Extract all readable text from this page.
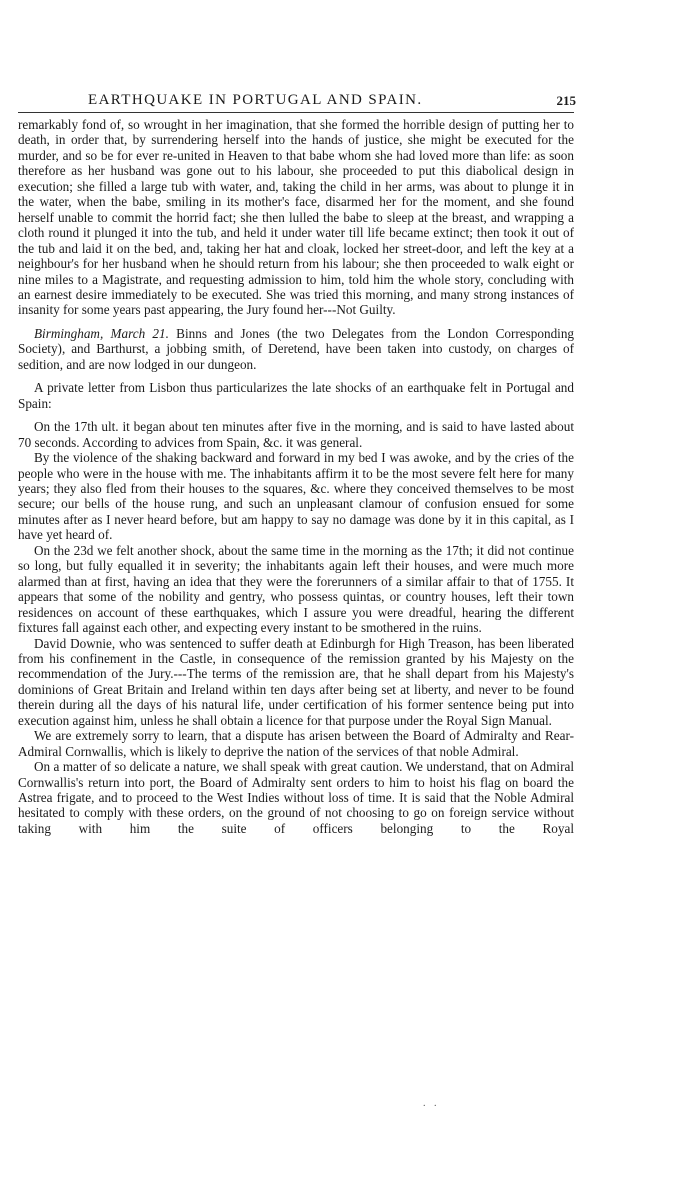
EARTHQUAKE IN PORTUGAL AND SPAIN.	215

remarkably fond of, so wrought in her imagination, that she formed the horrible design of putting her to death, in order that, by surrendering herself into the hands of justice, she might be executed for the murder, and so be for ever re-united in Heaven to that babe whom she had loved more than life: as soon therefore as her husband was gone out to his labour, she proceeded to put this diabolical design in execution; she filled a large tub with water, and, taking the child in her arms, was about to plunge it in the water, when the babe, smiling in its mother's face, disarmed her for the moment, and she found herself unable to commit the horrid fact; she then lulled the babe to sleep at the breast, and wrapping a cloth round it plunged it into the tub, and held it under water till life became extinct; then took it out of the tub and laid it on the bed, and, taking her hat and cloak, locked her street-door, and left the key at a neighbour's for her husband when he should return from his labour; she then proceeded to walk eight or nine miles to a Magistrate, and requesting admission to him, told him the whole story, concluding with an earnest desire immediately to be executed. She was tried this morning, and many strong instances of insanity for some years past appearing, the Jury found her---Not Guilty.

Birmingham, March 21. Binns and Jones (the two Delegates from the London Corresponding Society), and Barthurst, a jobbing smith, of Deretend, have been taken into custody, on charges of sedition, and are now lodged in our dungeon.

A private letter from Lisbon thus particularizes the late shocks of an earthquake felt in Portugal and Spain:

On the 17th ult. it began about ten minutes after five in the morning, and is said to have lasted about 70 seconds. According to advices from Spain, &c. it was general.

By the violence of the shaking backward and forward in my bed I was awoke, and by the cries of the people who were in the house with me. The inhabitants affirm it to be the most severe felt here for many years; they also fled from their houses to the squares, &c. where they conceived themselves to be most secure; our bells of the house rung, and such an unpleasant clamour of confusion ensued for some minutes after as I never heard before, but am happy to say no damage was done by it in this capital, as I have yet heard of.

On the 23d we felt another shock, about the same time in the morning as the 17th; it did not continue so long, but fully equalled it in severity; the inhabitants again left their houses, and were much more alarmed than at first, having an idea that they were the forerunners of a similar affair to that of 1755. It appears that some of the nobility and gentry, who possess quintas, or country houses, left their town residences on account of these earthquakes, which I assure you were dreadful, hearing the different fixtures fall against each other, and expecting every instant to be smothered in the ruins.

David Downie, who was sentenced to suffer death at Edinburgh for High Treason, has been liberated from his confinement in the Castle, in consequence of the remission granted by his Majesty on the recommendation of the Jury.---The terms of the remission are, that he shall depart from his Majesty's dominions of Great Britain and Ireland within ten days after being set at liberty, and never to be found therein during all the days of his natural life, under certification of his former sentence being put into execution against him, unless he shall obtain a licence for that purpose under the Royal Sign Manual.

We are extremely sorry to learn, that a dispute has arisen between the Board of Admiralty and Rear-Admiral Cornwallis, which is likely to deprive the nation of the services of that noble Admiral.

On a matter of so delicate a nature, we shall speak with great caution. We understand, that on Admiral Cornwallis's return into port, the Board of Admiralty sent orders to him to hoist his flag on board the Astrea frigate, and to proceed to the West Indies without loss of time. It is said that the Noble Admiral hesitated to comply with these orders, on the ground of not choosing to go on foreign service without taking with him the suite of officers belonging to the Royal

. .
